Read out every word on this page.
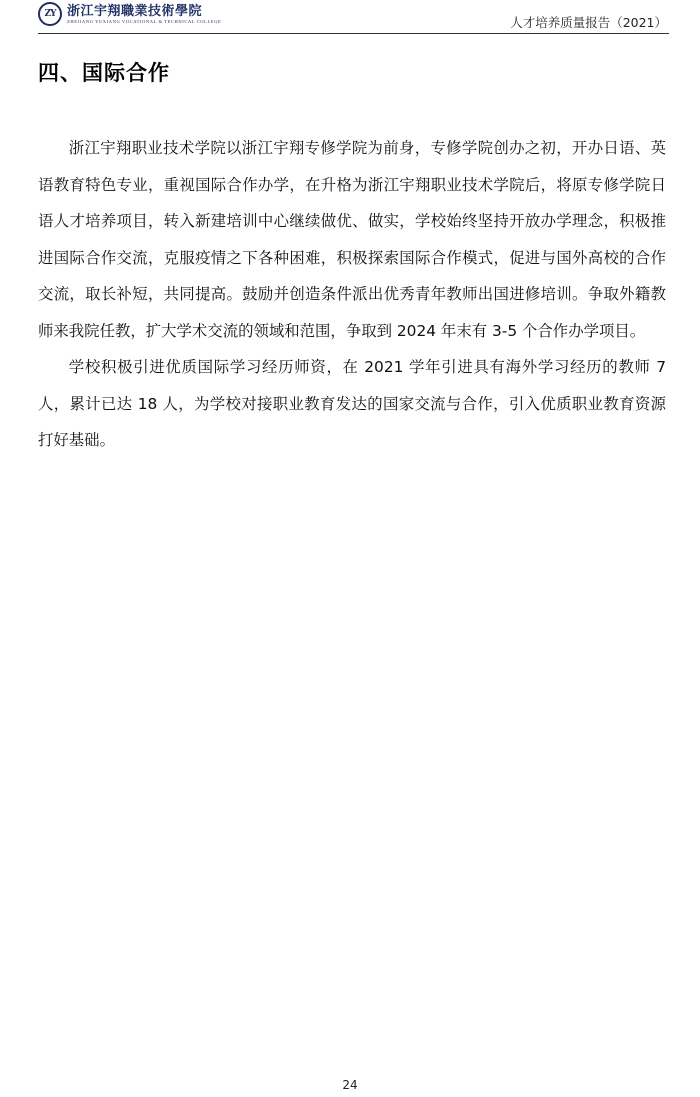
ZY 浙江宇翔職業技術學院
ZHEJIANG YUXIANG VOCATIONAL & TECHNICAL COLLEGE	人才培养质量报告（2021）
四、国际合作

浙江宇翔职业技术学院以浙江宇翔专修学院为前身，专修学院创办之初，开办日语、英语教育特色专业，重视国际合作办学，在升格为浙江宇翔职业技术学院后，将原专修学院日语人才培养项目，转入新建培训中心继续做优、做实，学校始终坚持开放办学理念，积极推进国际合作交流，克服疫情之下各种困难，积极探索国际合作模式，促进与国外高校的合作交流，取长补短，共同提高。鼓励并创造条件派出优秀青年教师出国进修培训。争取外籍教师来我院任教，扩大学术交流的领域和范围，争取到 2024 年末有 3-5 个合作办学项目。

学校积极引进优质国际学习经历师资，在 2021 学年引进具有海外学习经历的教师 7 人，累计已达 18 人，为学校对接职业教育发达的国家交流与合作，引入优质职业教育资源打好基础。

24
